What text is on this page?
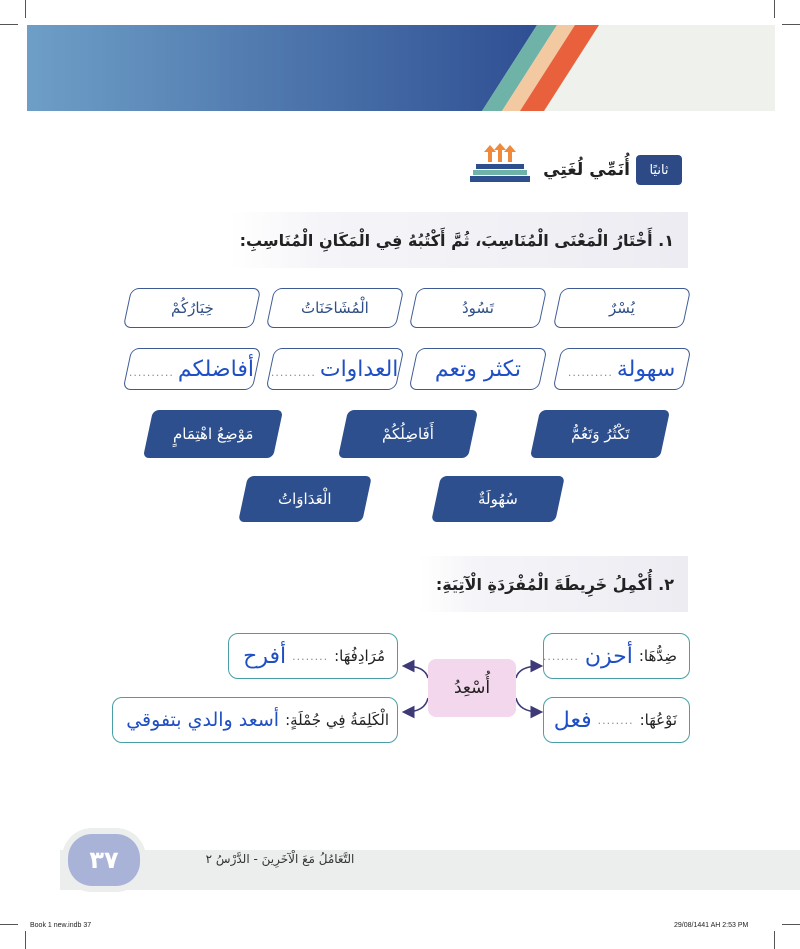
أُنَمِّي لُغَتِي	ثانيًا
١. أَخْتَارُ الْمَعْنَى الْمُنَاسِبَ، ثُمَّ أَكْتُبُهُ فِي الْمَكَانِ الْمُنَاسِبِ:
يُسْرٌ
تَسُودُ
الْمُشَاحَنَاتُ
خِيَارُكُمْ
سهولة
..........
تكثر وتعم
العداوات
..........
أفاضلكم
..........
تَكْثُرُ وَتَعُمُّ
أَفَاضِلُكُمْ
مَوْضِعُ اهْتِمَامٍ
سُهُولَةٌ
الْعَدَاوَاتُ
٢. أُكْمِلُ خَرِيطَةَ الْمُفْرَدَةِ الْآتِيَةِ:
أُسْعِدُ
ضِدُّهَا:
أحزن
........
نَوْعُهَا:
........
فعل
مُرَادِفُهَا:
........
أفرح
الْكَلِمَةُ فِي جُمْلَةٍ:
أسعد والدي بتفوقي
٣٧	التَّعَامُلُ مَعَ الْآخَرِينَ - الدَّرْسُ ٢
Book 1 new.indb 37	29/08/1441 AH 2:53 PM
